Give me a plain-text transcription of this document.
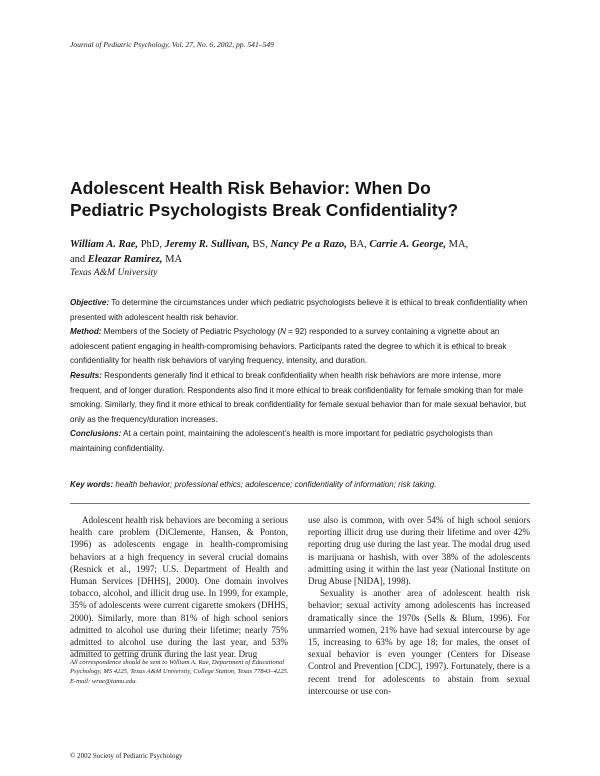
Journal of Pediatric Psychology, Vol. 27, No. 6, 2002, pp. 541–549
Adolescent Health Risk Behavior: When Do
Pediatric Psychologists Break Confidentiality?
William A. Rae, PhD, Jeremy R. Sullivan, BS, Nancy Pe a Razo, BA, Carrie A. George, MA,
and Eleazar Ramirez, MA
Texas A&M University

Objective: To determine the circumstances under which pediatric psychologists believe it is ethical to break confidentiality when presented with adolescent health risk behavior.

Method: Members of the Society of Pediatric Psychology (N = 92) responded to a survey containing a vignette about an adolescent patient engaging in health-compromising behaviors. Participants rated the degree to which it is ethical to break confidentiality for health risk behaviors of varying frequency, intensity, and duration.

Results: Respondents generally find it ethical to break confidentiality when health risk behaviors are more intense, more frequent, and of longer duration. Respondents also find it more ethical to break confidentiality for female smoking than for male smoking. Similarly, they find it more ethical to break confidentiality for female sexual behavior than for male sexual behavior, but only as the frequency/duration increases.

Conclusions: At a certain point, maintaining the adolescent’s health is more important for pediatric psychologists than maintaining confidentiality.

Key words: health behavior; professional ethics; adolescence; confidentiality of information; risk taking.

Adolescent health risk behaviors are becoming a serious health care problem (DiClemente, Hansen, & Ponton, 1996) as adolescents engage in health-compromising behaviors at a high frequency in several crucial domains (Resnick et al., 1997; U.S. Department of Health and Human Services [DHHS], 2000). One domain involves tobacco, alcohol, and illicit drug use. In 1999, for example, 35% of adolescents were current cigarette smokers (DHHS, 2000). Similarly, more than 81% of high school seniors admitted to alcohol use during their lifetime; nearly 75% admitted to alcohol use during the last year, and 53% admitted to getting drunk during the last year. Drug

use also is common, with over 54% of high school seniors reporting illicit drug use during their lifetime and over 42% reporting drug use during the last year. The modal drug used is marijuana or hashish, with over 38% of the adolescents admitting using it within the last year (National Institute on Drug Abuse [NIDA], 1998).

Sexuality is another area of adolescent health risk behavior; sexual activity among adolescents has increased dramatically since the 1970s (Sells & Blum, 1996). For unmarried women, 21% have had sexual intercourse by age 15, increasing to 63% by age 18; for males, the onset of sexual behavior is even younger (Centers for Disease Control and Prevention [CDC], 1997). Fortunately, there is a recent trend for adolescents to abstain from sexual intercourse or use con-

All correspondence should be sent to William A. Rae, Department of Educational Psychology, MS 4225, Texas A&M University, College Station, Texas 77843–4225. E-mail: wrae@tamu.edu.
© 2002 Society of Pediatric Psychology
